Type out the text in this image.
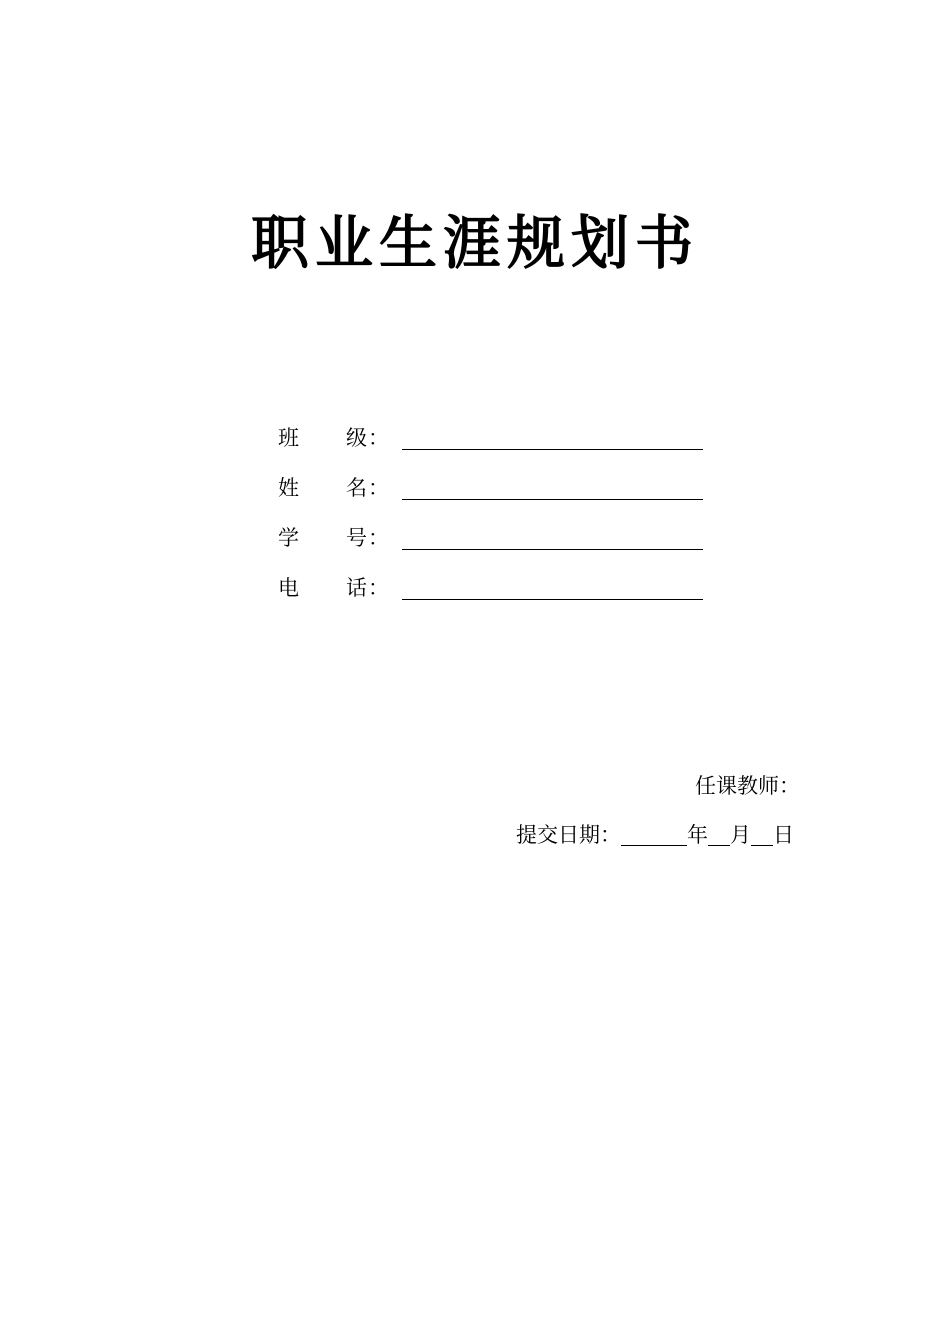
职业生涯规划书
班 级 ：
姓 名 ：
学 号 ：
电 话 ：
任课教师：
提交日期：	年 月 日
